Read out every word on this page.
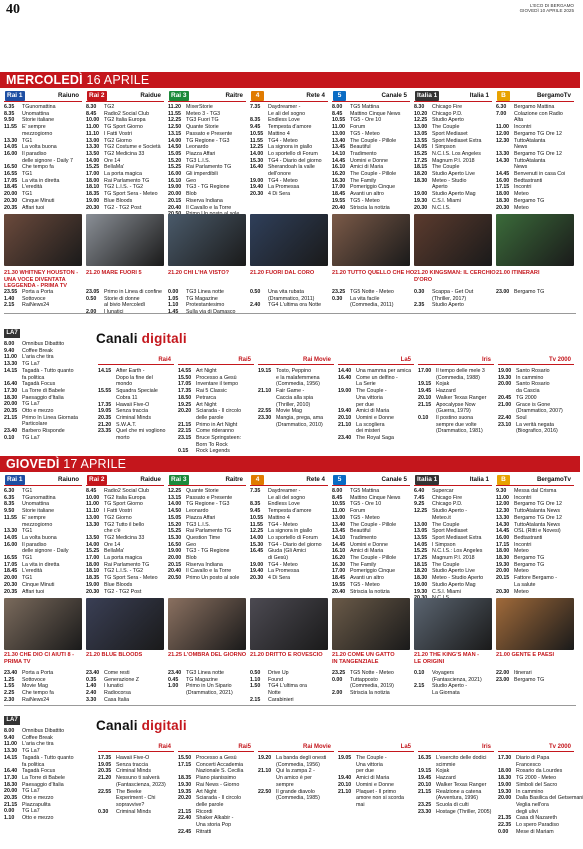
40	L'ECO DI BERGAMO
GIOVEDÌ 10 APRILE 2025
MERCOLEDÌ 16 APRILE
Rai 1	Raiuno
6.35	TGunomattina
8.35	Unomattina
9.50	Storie italiane
11.55 E' sempre
mezzogiorno
13.30 TG1
14.05 La volta buona
16.00 Il paradiso
delle signore - Daily 7
16.50 Che tempo fa
16.55 TG1
17.05 La vita in diretta
18.45 L'eredità
20.00 TG1
20.30 Cinque Minuti
20.35 Affari tuoi
21.30 WHITNEY HOUSTON -
UNA VOCE DIVENTATA
LEGGENDA - PRIMA TV
23.55 Porta a Porta
1.40	Sottovoce
2.15	RaiNews24
Rai 2	Raidue
8.30	TG2
8.45	Radio2 Social Club
10.00 TG2 Italia Europa
11.00 TG Sport Giorno
11.10 I Fatti Vostri
13.00 TG2 Giorno
13.30 TG2 Costume e Società
13.50 TG2 Medicina 33
14.00 Ore 14
15.25 BellaMa'
17.00 La porta magica
18.00 Rai Parlamento TG
18.10 TG2 L.I.S. - TG2
18.35 TG Sport Sera - Meteo
19.00 Blue Bloods
20.30 TG2 - TG2 Post
21.20 MARE FUORI 5
23.05 Primo in Linea di confine
0.50	Storie di donne
al bivio Mercoledì
Rai 3	Raitre
11.20 MixerStorie
11.55 Meteo 3 - TG3
12.25 TG3 Fuori TG
12.50 Quante Storie
13.15 Passato e Presente
14.00 TG Regione - TG3
14.50 Leonardo
15.05 Piazza Affari
15.20 TG3 L.I.S.
15.25 Rai Parlamento TG
16.00 Gli imperdibili
16.10 Geo
19.00 TG3 - TG Regione
20.00 Blob
20.15 Riserva Indiana
20.40 Il Cavallo e la Torre
21.20 CHI L'HA VISTO?
0.00	TG3 Linea notte
1.05	TG Magazine
1.10	Protestantesimo
4	Rete 4
7.35	Daydreamer -
Le ali del sogno
8.35	Endless Love
9.45	Tempesta d'amore
10.55 Mattino 4
11.55 TG4 - Meteo
12.25 La signora in giallo
14.00 Lo sportello di Forum
15.30 TG4 - Diario del giorno
16.40 Sherandoah la valle
dell'onore
19.00 TG4 - Meteo
19.40 La Promessa
20.30 4 Di Sera
21.20 FUORI DAL CORO
0.50	Una vita rubata
(Drammatico, 2011)
2.40	TG4 L'ultima ora Notte
5	Canale 5
8.00	TG5 Mattina
8.45	Mattino Cinque News
10.55 TG5 - Ore 10
11.00 Forum
13.00 TG5 - Meteo
13.40 The Couple - Pillole
13.45 Beautiful
14.10 Tradimento
14.45 Uomini e Donne
16.10 Amici di Maria
16.20 The Couple - Pillole
16.30 The Family
17.00 Pomeriggio Cinque
18.45 Avanti un altro
19.55 TG5 - Meteo
20.40 Striscia la notizia
21.20 TUTTO QUELLO CHE HO
23.25 TG5 Notte - Meteo
0.30	La vita facile
(Commedia, 2011)
Italia 1	Italia 1
8.30	Chicago Fire
10.20 Chicago P.D.
12.25 Studio Aperto
13.00 The Couple
13.05 Sport Mediaset
13.55 Sport Mediaset Extra
14.05 I Simpson
15.25 N.C.I.S. Los Angeles
17.25 Magnum P.I. 2018
18.15 The Couple
18.20 Studio Aperto Live
18.30 Meteo - Studio
Aperto
19.00 Studio Aperto Mag
19.30 C.S.I. Miami
20.30 N.C.I.S.
21.20 KINGSMAN: IL CERCHIO
D'ORO
0.30	Scappa - Get Out
(Thriller, 2017)
2.35	Studio Aperto
B	BergamoTv
6.30	Bergamo Mattina
7.00	Colazione con Radio
Alta
11.00 Incontri
12.00 Bergamo TG Ore 12
12.30 TuttoAtalanta
News
13.30 Bergamo TG Ore 12
14.30 TuttoAtalanta
News
14.45 Benvenuti in casa Coi
16.00 Bedtastranti
17.15 Incontri
18.00 Meteo
18.30 Bergamo TG
20.30 Meteo
21.00 ITINERARI
23.00 Bergamo TG
LA7
8.00	Omnibus Dibattito
9.40	Coffee Break
11.00 L'aria che tira
13.30 TG La7
14.15 Tagadà - Tutto quanto
fa politica
16.40 Tagadà Focus
17.30 La Torre di Babele
18.30 Paesaggio d'Italia
20.00 TG La7
20.35 Otto e mezzo
21.15 Primo In Linea Giornata
Particolare
23.40 Barbero Risponde
0.10	TG La7
Canali digitali
Rai4
14.15 After Earth -
Dopo la fine del
mondo
15.55 Squadra Speciale
Cobra 11
17.35 Hawaii Five-O
19.05 Senza traccia
20.35 Criminal Minds
21.20 S.W.A.T.
23.35 Quel che mi vogliono
morto
Rai5
14.55 Art Night
15.50 Processo a Gesù
17.05 Inventare il tempo
17.35 Rai 5 Classic
18.50 Petrarca
19.25 Art Night
20.20 Sciarada - Il circolo
delle parole
21.15 Primo in Art Night
22.15 Come rideranno
23.15 Bruce Springsteen:
Born To Rock
0.15	Rock Legends
Rai Movie
19.15 Tosto, Peppino
e la malafemmena
(Commedia, 1956)
21.10 Fair Game -
Caccia alla spia
(Thriller, 2010)
22.55 Movie Mag
23.30 Mangia, prega, ama
(Drammatico, 2010)
La5
14.40 Una mamma per amica
16.40 Come un delfino -
La Serie
19.00 The Couple -
Una vittoria
per due
19.40 Amici di Maria
20.10 Uomini e Donne
21.10 La scogliera
dei misteri
23.40 The Royal Saga
Iris
17.00 Il tempo delle mele 3
(Commedia, 1988)
19.15 Kojak
19.45 Hazzard
20.10 Walker Texas Ranger
21.15 Apocalypse Now
(Guerra, 1979)
0.10	Il postino suona
sempre due volte
(Drammatico, 1981)
Tv 2000
19.00 Santo Rosario
19.30 In cammino
20.00 Santo Rosario
da Cascia
20.45 TG 2000
21.00 Grace is Gone
(Drammatico, 2007)
22.40 Soul
23.10 La verità negata
(Biografico, 2016)
GIOVEDÌ 17 APRILE
Rai 1	Raiuno
6.30	TG1
6.35	TGunomattina
8.35	Unomattina
9.50	Storie italiane
11.55 E' sempre
mezzogiorno
13.30 TG1
14.05 La volta buona
16.00 Il paradiso
delle signore - Daily
16.55 TG1
17.05 La vita in diretta
18.45 L'eredità
20.00 TG1
20.30 Cinque Minuti
20.35 Affari tuoi
21.30 CHE DIO CI AIUTI 8 -
PRIMA TV
23.40 Porta a Porta
1.25	Sottovoce
1.55	Movie Mag
2.25	Che tempo fa
2.30	RaiNews24
Rai 2	Raidue
8.45	Radio2 Social Club
10.00 TG2 Italia Europa
11.00 TG Sport Giorno
11.10 I Fatti Vostri
13.00 TG2 Giorno
13.30 TG2 Tutto il bello
che c'è
13.50 TG2 Medicina 33
14.00 Ore 14
15.25 BellaMa'
17.00 La porta magica
18.00 Rai Parlamento TG
18.10 TG2 L.I.S. - TG2
18.35 TG Sport Sera - Meteo
19.00 Blue Bloods
20.30 TG2 - TG2 Post
21.20 BLUE BLOODS
23.40 Come resti
0.35	Generazione Z
1.40	I lunatici
2.40	Radiocorsa
3.30	Casa Italia
Rai 3	Raitre
12.25 Quante Storie
13.15 Passato e Presente
14.00 TG Regione - TG3
14.50 Leonardo
15.05 Piazza Affari
15.20 TG3 L.I.S.
15.25 Rai Parlamento TG
15.30 Question Time
16.50 Geo
19.00 TG3 - TG Regione
20.00 Blob
20.15 Riserva Indiana
20.40 Il Cavallo e la Torre
20.50 Primo Un posto al sole
21.25 L'OMBRA DEL GIORNO
23.40 TG3 Linea notte
0.45	TG Magazine
1.00	Primo in Un Sipario
(Drammatico, 2021)
4	Rete 4
7.35	Daydreamer -
Le ali del sogno
8.35	Endless Love
9.45	Tempesta d'amore
10.55 Mattino 4
11.55 TG4 - Meteo
12.25 La signora in giallo
14.00 Lo sportello di Forum
15.30 TG4 - Diario del giorno
16.45 Giuda (Gli Amici
di Gesù)
19.00 TG4 - Meteo
19.40 La Promessa
20.30 4 Di Sera
21.20 DRITTO E ROVESCIO
0.50	Drive Up
1.10	Found
1.50	TG4 L'ultima ora
Notte
2.15	Carabinieri
5	Canale 5
8.00	TG5 Mattina
8.45	Mattino Cinque News
10.55 TG5 - Ore 10
11.00 Forum
13.00 TG5 - Meteo
13.40 The Couple - Pillole
13.45 Beautiful
14.10 Tradimento
14.45 Uomini e Donne
16.10 Amici di Maria
16.20 The Couple - Pillole
16.30 The Family
17.00 Pomeriggio Cinque
18.45 Avanti un altro
19.55 TG5 - Meteo
20.40 Striscia la notizia
21.20 COME UN GATTO
IN TANGENZIALE
23.25 TG5 Notte - Meteo
0.00	Tuttapposto
(Commedia, 2019)
2.00	Striscia la notizia
Italia 1	Italia 1
6.40	Supercar
7.45	Chicago Fire
9.25	Chicago P.D.
12.25 Studio Aperto -
Meteo.it
13.00 The Couple
13.05 Sport Mediaset
13.55 Sport Mediaset Extra
14.05 I Simpson
15.25 N.C.I.S.: Los Angeles
17.25 Magnum P.I. 2018
18.15 The Couple
18.20 Studio Aperto Live
18.30 Meteo - Studio Aperto
19.00 Studio Aperto Mag
19.30 C.S.I. Miami
21.20 THE KING'S MAN -
LE ORIGINI
0.10	Voyagers
(Fantascienza, 2021)
2.15	Studio Aperto -
La Giornata
B	BergamoTv
9.30	Messa dal Crisma
11.00 Incontri
12.00 Bergamo TG Ore 12
12.30 TuttoAtalanta News
13.30 Bergamo TG Ore 12
14.30 TuttoAtalanta News
14.45 OSL (Ritti e Novesi)
16.00 Bedtastranti
17.15 Incontri
18.00 Meteo
18.30 Bergamo TG
19.30 Bergamo TG
20.00 Meteo
20.15 Fattore Bergamo -
La salute
20.30 Meteo
21.00 GENTE E PAESI
22.00 Itinerari
23.00 Bergamo TG
LA7
8.00	Omnibus Dibattito
9.40	Coffee Break
11.00 L'aria che tira
13.30 TG La7
14.15 Tagadà - Tutto quanto
fa politica
16.40 Tagadà Focus
17.30 La Torre di Babele
18.30 Paesaggio d'Italia
20.00 TG La7
20.35 Otto e mezzo
21.15 Piazzapulita
0.00	TG La7
1.10	Otto e mezzo
Canali digitali
Rai4
17.35 Hawaii Five-O
19.05 Senza traccia
20.35 Criminal Minds
21.20 Nessuno ti salverà
(Fantascienza, 2023)
22.55 The Beeke
Experiment - Chi
sopravvive?
0.30	Criminal Minds
Rai5
15.50 Processo a Gesù
17.15 Concerti Accademia
Nazionale S. Cecilia
18.35 Piano pianissimo
19.30 Rai News - Giorno
19.35 Art Night
20.20 Sciarada - Il circolo
delle parole
21.15 Ricordi
22.40 Shaker Alkabir -
Una storia Pop
22.45 Ritratti
Rai Movie
19.20 La banda degli onesti
(Commedia, 1956)
21.10 Qui la zampa 2 -
Un amico è per
sempre
22.50 Il grande diavolo
(Commedia, 1985)
La5
19.05 The Couple -
Una vittoria
per due
19.40 Amici di Maria
20.10 Uomini e Donne
21.10 Plaquet - Il primo
amore non si scorda
mai
Iris
16.35 L'esercito delle dodici
scimmie
19.15 Kojak
19.45 Hazzard
20.10 Walker Texas Ranger
21.15 Realzione a catena
(Avventura, 1996)
23.25 Scuola di culti
23.30 Hostage (Thriller, 2005)
Tv 2000
17.30 Diario di Papa
Francesco
18.00 Rosario da Lourdes
18.30 TG 2000 - Meteo
19.00 Simboli del Sacro
19.30 In cammino
20.00 Dalla Basilica del Getsemani
Veglia nell'ora
degli ulivi
21.35 Casa di Nazareth
22.35 Lo spero Paradiso
0.00	Mese di Mariam
